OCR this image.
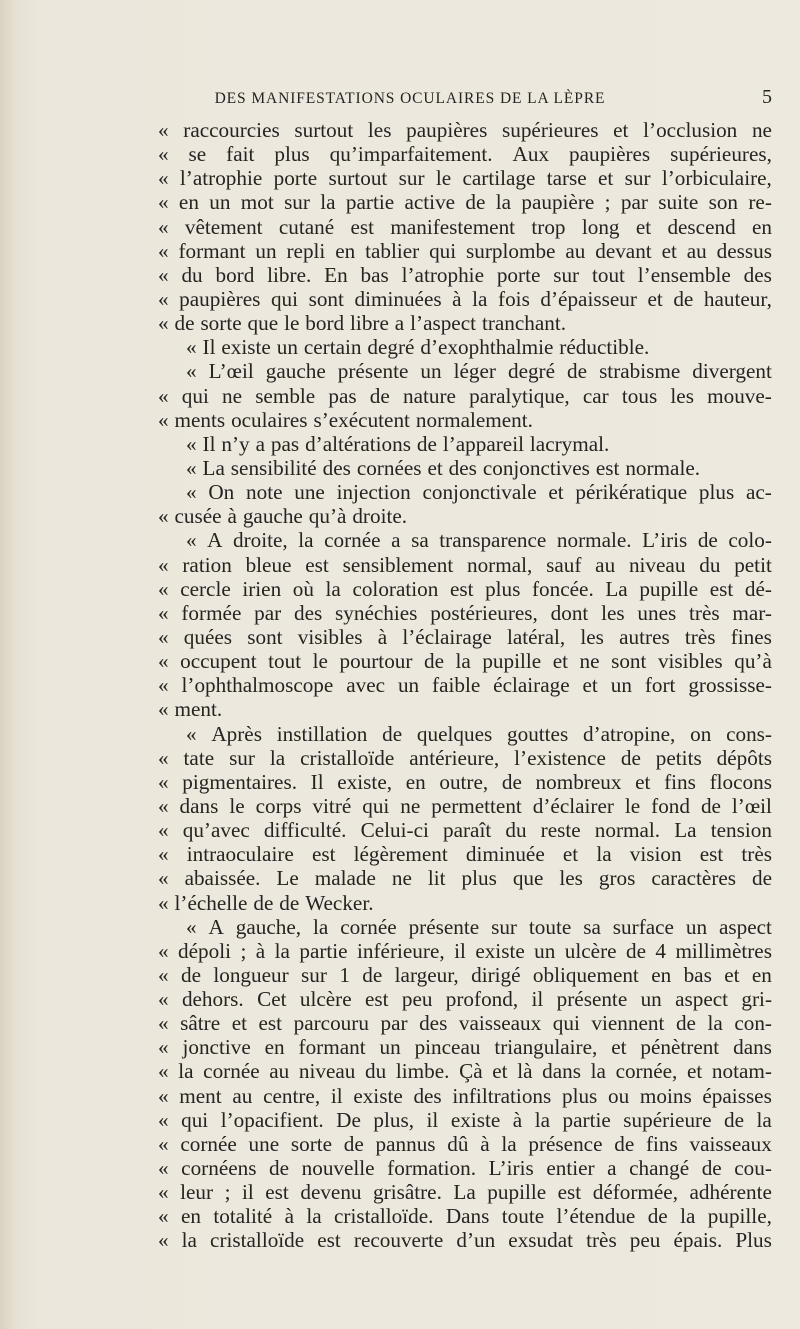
DES MANIFESTATIONS OCULAIRES DE LA LÈPRE	5
« raccourcies surtout les paupières supérieures et l’occlusion ne
« se fait plus qu’imparfaitement. Aux paupières supérieures,
« l’atrophie porte surtout sur le cartilage tarse et sur l’orbiculaire,
« en un mot sur la partie active de la paupière ; par suite son re-
« vêtement cutané est manifestement trop long et descend en
« formant un repli en tablier qui surplombe au devant et au dessus
« du bord libre. En bas l’atrophie porte sur tout l’ensemble des
« paupières qui sont diminuées à la fois d’épaisseur et de hauteur,
« de sorte que le bord libre a l’aspect tranchant.
« Il existe un certain degré d’exophthalmie réductible.
« L’œil gauche présente un léger degré de strabisme divergent
« qui ne semble pas de nature paralytique, car tous les mouve-
« ments oculaires s’exécutent normalement.
« Il n’y a pas d’altérations de l’appareil lacrymal.
« La sensibilité des cornées et des conjonctives est normale.
« On note une injection conjonctivale et périkératique plus ac-
« cusée à gauche qu’à droite.
« A droite, la cornée a sa transparence normale. L’iris de colo-
« ration bleue est sensiblement normal, sauf au niveau du petit
« cercle irien où la coloration est plus foncée. La pupille est dé-
« formée par des synéchies postérieures, dont les unes très mar-
« quées sont visibles à l’éclairage latéral, les autres très fines
« occupent tout le pourtour de la pupille et ne sont visibles qu’à
« l’ophthalmoscope avec un faible éclairage et un fort grossisse-
« ment.
« Après instillation de quelques gouttes d’atropine, on cons-
« tate sur la cristalloïde antérieure, l’existence de petits dépôts
« pigmentaires. Il existe, en outre, de nombreux et fins flocons
« dans le corps vitré qui ne permettent d’éclairer le fond de l’œil
« qu’avec difficulté. Celui-ci paraît du reste normal. La tension
« intraoculaire est légèrement diminuée et la vision est très
« abaissée. Le malade ne lit plus que les gros caractères de
« l’échelle de de Wecker.
« A gauche, la cornée présente sur toute sa surface un aspect
« dépoli ; à la partie inférieure, il existe un ulcère de 4 millimètres
« de longueur sur 1 de largeur, dirigé obliquement en bas et en
« dehors. Cet ulcère est peu profond, il présente un aspect gri-
« sâtre et est parcouru par des vaisseaux qui viennent de la con-
« jonctive en formant un pinceau triangulaire, et pénètrent dans
« la cornée au niveau du limbe. Çà et là dans la cornée, et notam-
« ment au centre, il existe des infiltrations plus ou moins épaisses
« qui l’opacifient. De plus, il existe à la partie supérieure de la
« cornée une sorte de pannus dû à la présence de fins vaisseaux
« cornéens de nouvelle formation. L’iris entier a changé de cou-
« leur ; il est devenu grisâtre. La pupille est déformée, adhérente
« en totalité à la cristalloïde. Dans toute l’étendue de la pupille,
« la cristalloïde est recouverte d’un exsudat très peu épais. Plus
